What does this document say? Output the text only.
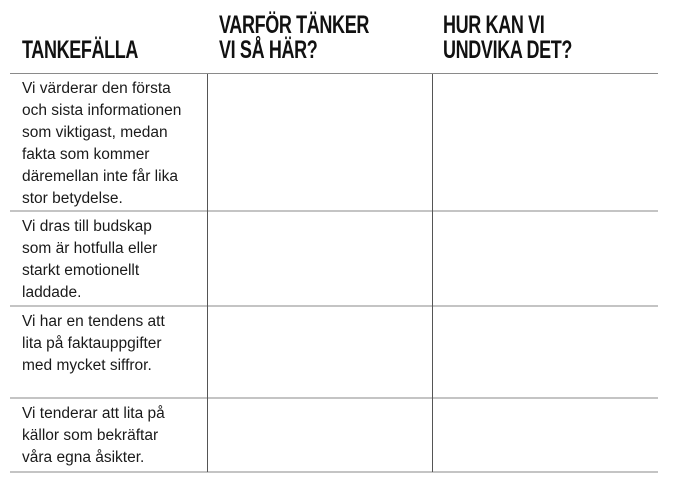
TANKEFÄLLA
VARFÖR TÄNKER
VI SÅ HÄR?
HUR KAN VI
UNDVIKA DET?
Vi värderar den första
och sista informationen
som viktigast, medan
fakta som kommer
däremellan inte får lika
stor betydelse.
Vi dras till budskap
som är hotfulla eller
starkt emotionellt
laddade.
Vi har en tendens att
lita på faktauppgifter
med mycket siffror.
Vi tenderar att lita på
källor som bekräftar
våra egna åsikter.
